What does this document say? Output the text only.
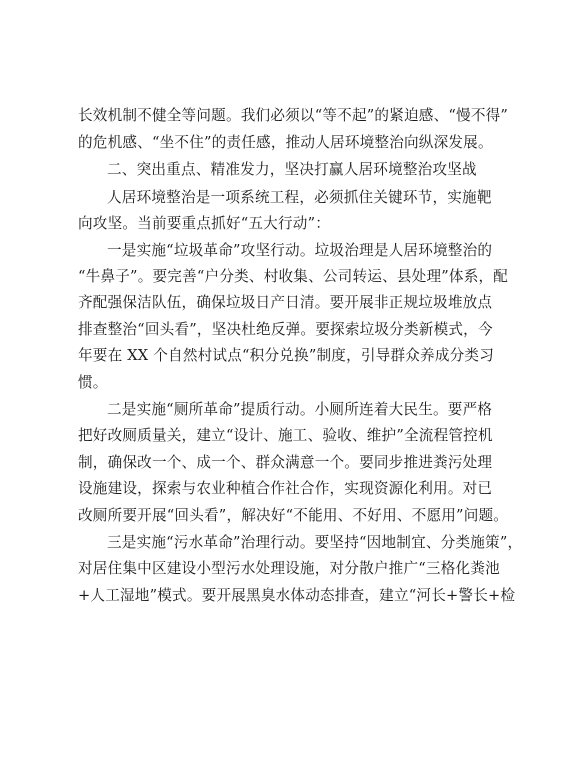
长效机制不健全等问题。我们必须以“等不起”的紧迫感、“慢不得”
的危机感、“坐不住”的责任感，推动人居环境整治向纵深发展。
二、突出重点、精准发力，坚决打赢人居环境整治攻坚战
人居环境整治是一项系统工程，必须抓住关键环节，实施靶
向攻坚。当前要重点抓好“五大行动”：
一是实施“垃圾革命”攻坚行动。垃圾治理是人居环境整治的
“牛鼻子”。要完善“户分类、村收集、公司转运、县处理”体系，配
齐配强保洁队伍，确保垃圾日产日清。要开展非正规垃圾堆放点
排查整治“回头看”，坚决杜绝反弹。要探索垃圾分类新模式，今
年要在 XX 个自然村试点“积分兑换”制度，引导群众养成分类习
惯。
二是实施“厕所革命”提质行动。小厕所连着大民生。要严格
把好改厕质量关，建立“设计、施工、验收、维护”全流程管控机
制，确保改一个、成一个、群众满意一个。要同步推进粪污处理
设施建设，探索与农业种植合作社合作，实现资源化利用。对已
改厕所要开展“回头看”，解决好“不能用、不好用、不愿用”问题。
三是实施“污水革命”治理行动。要坚持“因地制宜、分类施策”，
对居住集中区建设小型污水处理设施，对分散户推广“三格化粪池
+人工湿地”模式。要开展黑臭水体动态排查，建立“河长+警长+检
